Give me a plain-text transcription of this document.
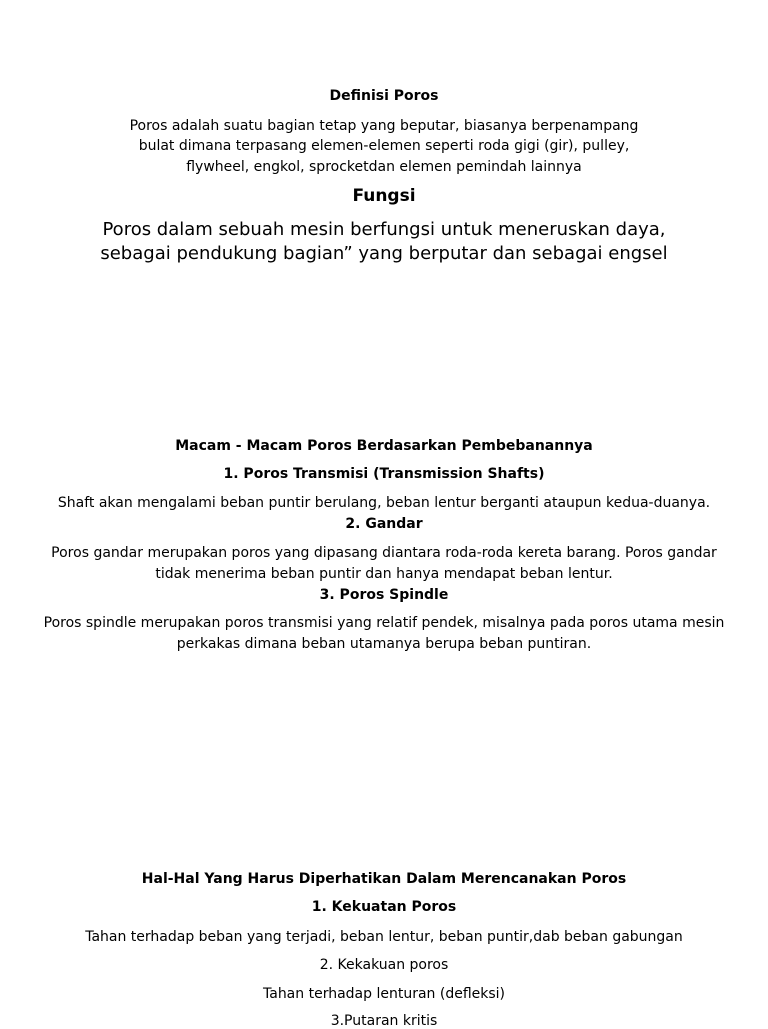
Definisi Poros
Poros adalah suatu bagian tetap yang beputar, biasanya berpenampang
bulat dimana terpasang elemen-elemen seperti roda gigi (gir), pulley,
flywheel, engkol, sprocketdan elemen pemindah lainnya
Fungsi
Poros dalam sebuah mesin berfungsi untuk meneruskan daya,
sebagai pendukung bagian” yang berputar dan sebagai engsel
Macam - Macam Poros Berdasarkan Pembebanannya
1. Poros Transmisi (Transmission Shafts)
Shaft akan mengalami beban puntir berulang, beban lentur berganti ataupun kedua-duanya.
2. Gandar
Poros gandar merupakan poros yang dipasang diantara roda-roda kereta barang. Poros gandar
tidak menerima beban puntir dan hanya mendapat beban lentur.
3. Poros Spindle
Poros spindle merupakan poros transmisi yang relatif pendek, misalnya pada poros utama mesin
perkakas dimana beban utamanya berupa beban puntiran.
Hal-Hal Yang Harus Diperhatikan Dalam Merencanakan Poros
1. Kekuatan Poros
Tahan terhadap beban yang terjadi, beban lentur, beban puntir,dab beban gabungan
2. Kekakuan poros
Tahan terhadap lenturan (defleksi)
3.Putaran kritis
